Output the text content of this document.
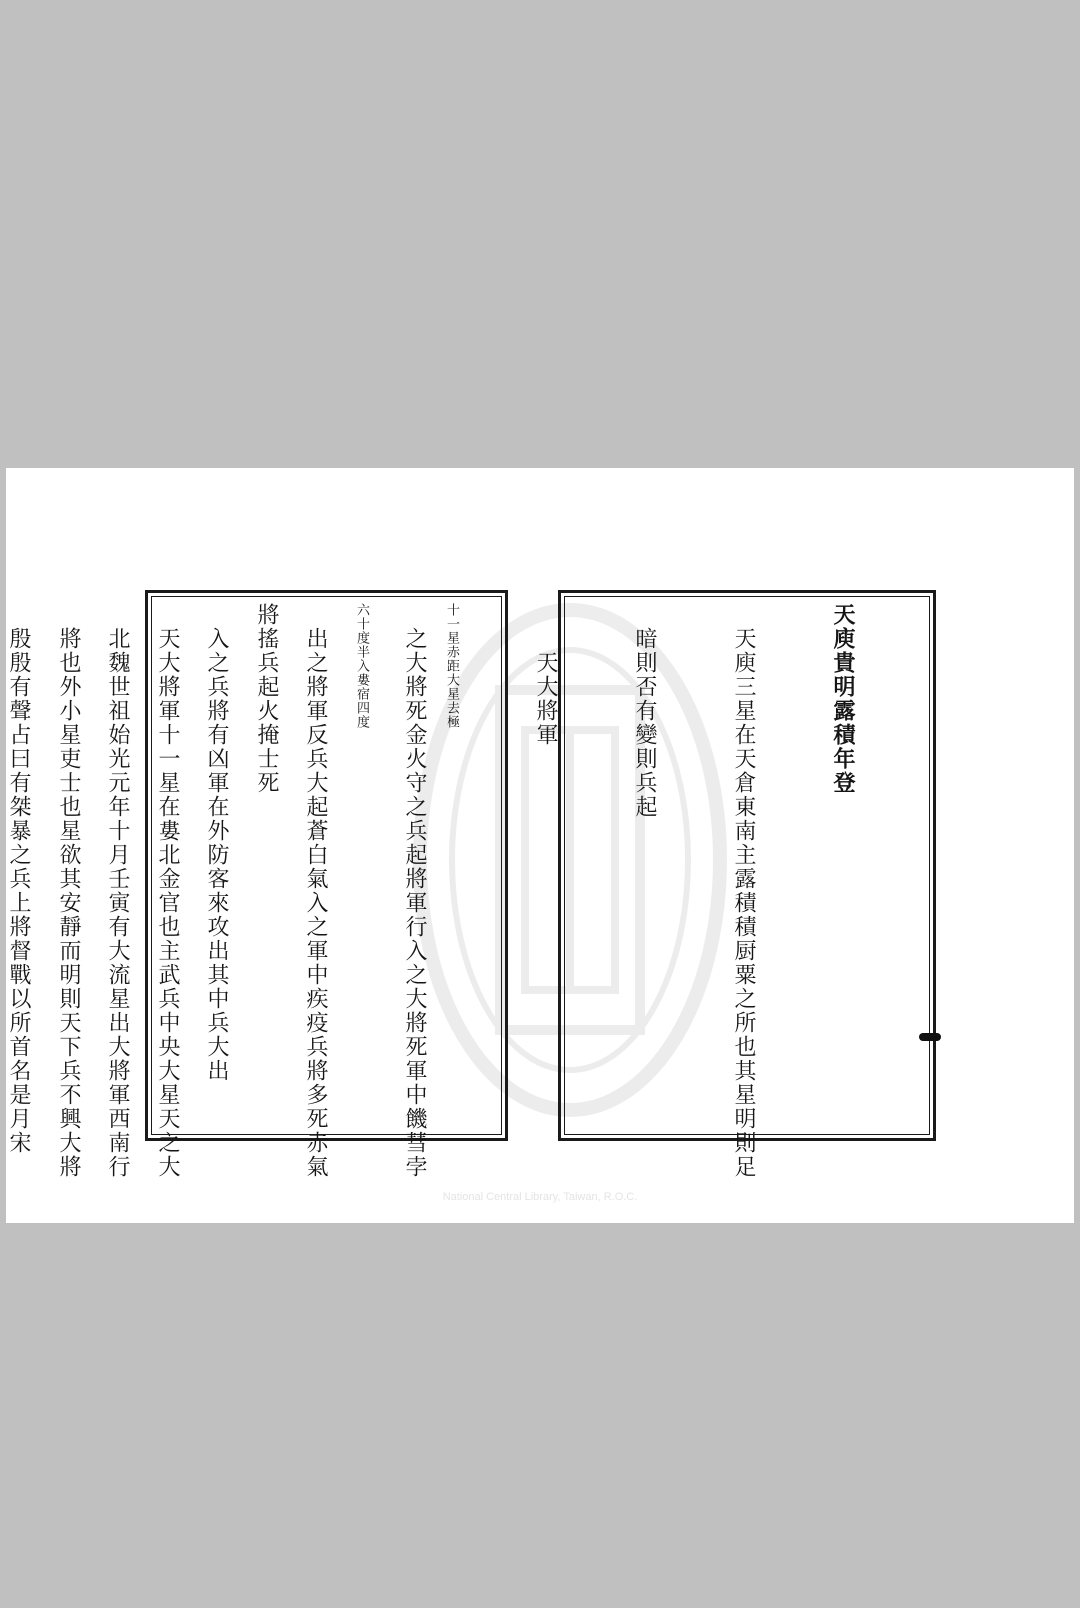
天庾貴明露積年登

天庾三星在天倉東南主露積積厨粟之所也其星明則足

暗則否有變則兵起

天大將軍

十一星赤距大星去極

六十度半入婁宿四度

將搖兵起火掩士死

天大將軍十一星在婁北金官也主武兵中央大星天之大

將也外小星吏士也星欲其安靜而明則天下兵不興大將

	之大將死金火守之兵起將軍行入之大將死軍中饑彗孛

出之將軍反兵大起蒼白氣入之軍中疾疫兵將多死赤氣

入之兵將有凶軍在外防客來攻出其中兵大出

北魏世祖始光元年十月壬寅有大流星出大將軍西南行

殷殷有聲占曰有桀暴之兵上將督戰以所首名是月宋

National Central Library, Taiwan, R.O.C.
